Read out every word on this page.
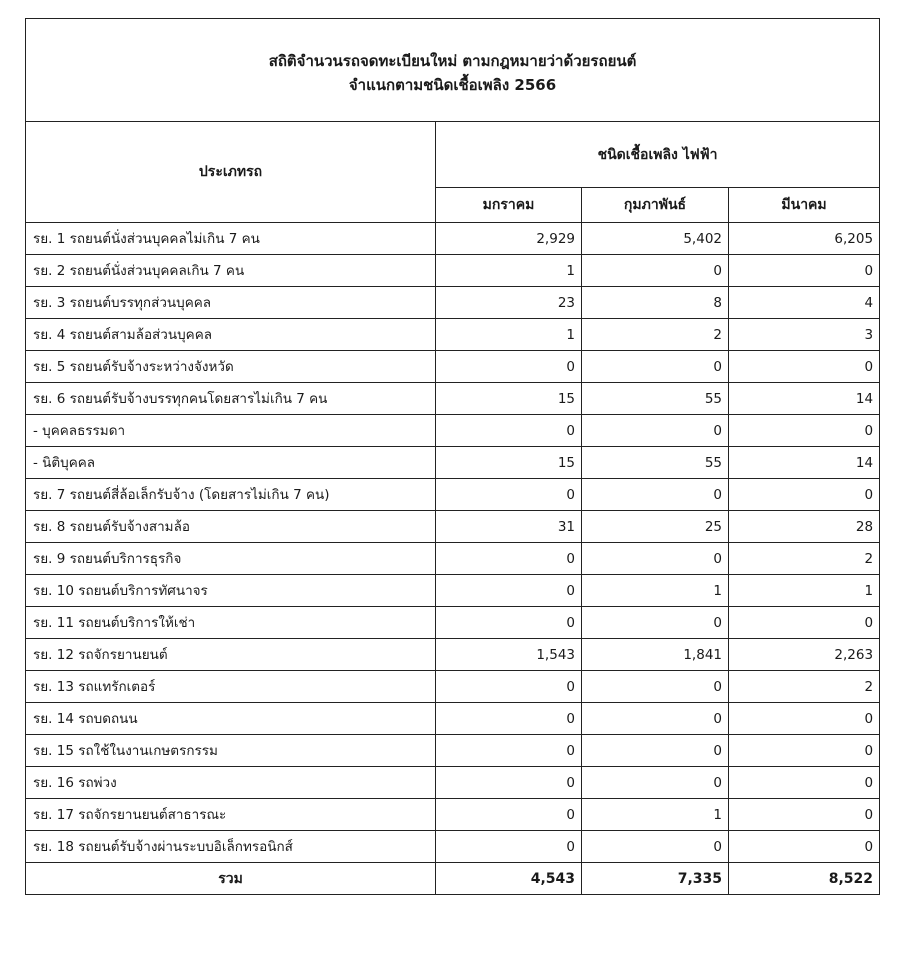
สถิติจำนวนรถจดทะเบียนใหม่ ตามกฎหมายว่าด้วยรถยนต์
จำแนกตามชนิดเชื้อเพลิง 2566			

ประเภทรถ	ชนิดเชื้อเพลิง ไฟฟ้า		
	มกราคม	กุมภาพันธ์	มีนาคม
รย. 1 รถยนต์นั่งส่วนบุคคลไม่เกิน 7 คน	2,929	5,402	6,205
รย. 2 รถยนต์นั่งส่วนบุคคลเกิน 7 คน	1	0	0
รย. 3 รถยนต์บรรทุกส่วนบุคคล	23	8	4
รย. 4 รถยนต์สามล้อส่วนบุคคล	1	2	3
รย. 5 รถยนต์รับจ้างระหว่างจังหวัด	0	0	0
รย. 6 รถยนต์รับจ้างบรรทุกคนโดยสารไม่เกิน 7 คน	15	55	14
- บุคคลธรรมดา	0	0	0
- นิติบุคคล	15	55	14
รย. 7 รถยนต์สี่ล้อเล็กรับจ้าง (โดยสารไม่เกิน 7 คน)	0	0	0
รย. 8 รถยนต์รับจ้างสามล้อ	31	25	28
รย. 9 รถยนต์บริการธุรกิจ	0	0	2
รย. 10 รถยนต์บริการทัศนาจร	0	1	1
รย. 11 รถยนต์บริการให้เช่า	0	0	0
รย. 12 รถจักรยานยนต์	1,543	1,841	2,263
รย. 13 รถแทรักเตอร์	0	0	2
รย. 14 รถบดถนน	0	0	0
รย. 15 รถใช้ในงานเกษตรกรรม	0	0	0
รย. 16 รถพ่วง	0	0	0
รย. 17 รถจักรยานยนต์สาธารณะ	0	1	0
รย. 18 รถยนต์รับจ้างผ่านระบบอิเล็กทรอนิกส์	0	0	0
รวม	4,543	7,335	8,522
